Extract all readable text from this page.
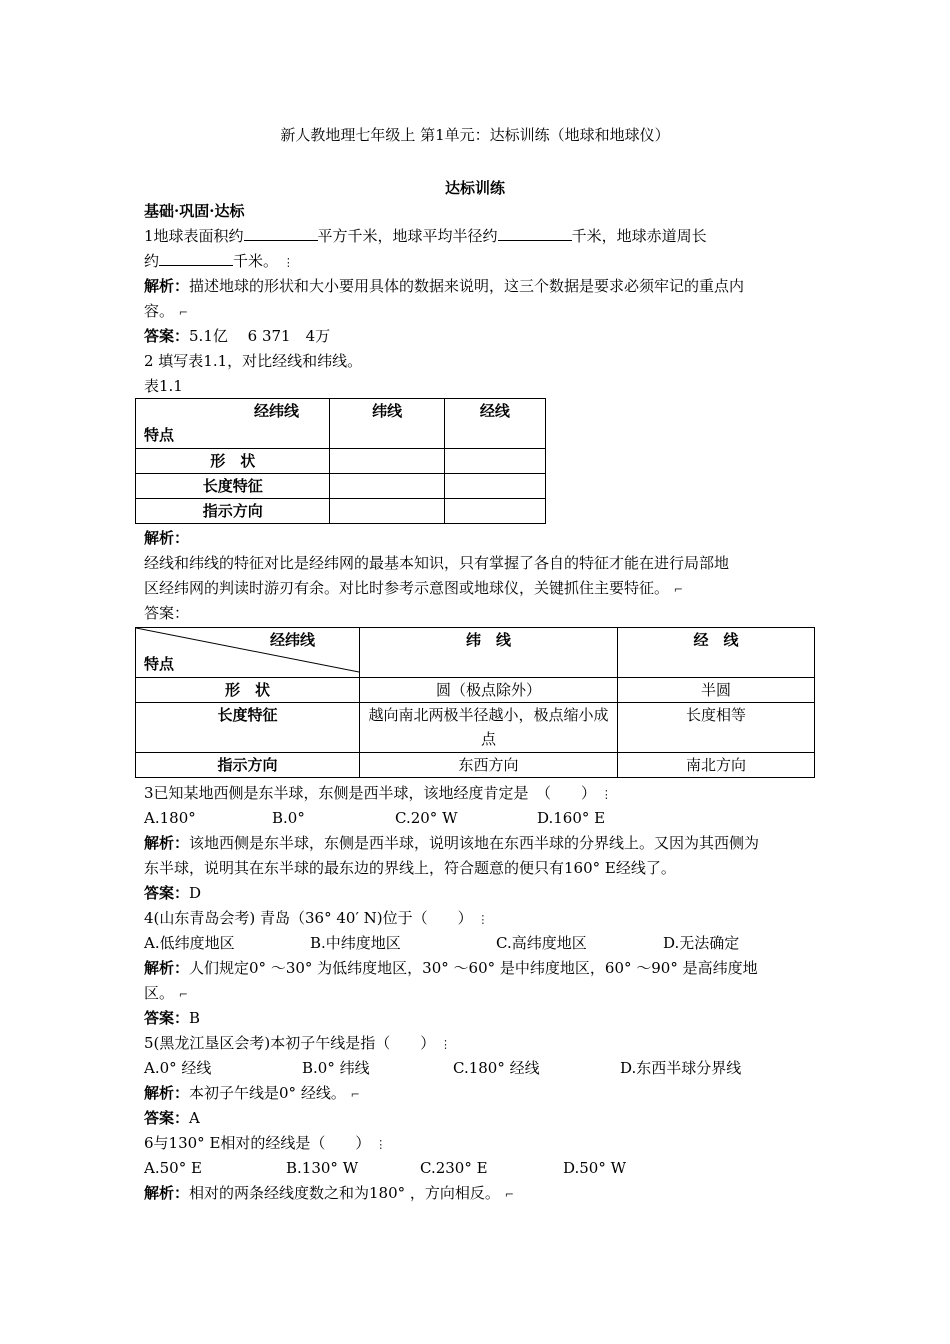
新人教地理七年级上 第1单元：达标训练（地球和地球仪）
达标训练
基础·巩固·达标
1地球表面积约	平方千米，地球平均半径约	千米，地球赤道周长
约	千米。 ⋮
解析：描述地球的形状和大小要用具体的数据来说明，这三个数据是要求必须牢记的重点内
容。 ⌐
答案：5.1亿　 6 371　4万
2 填写表1.1，对比经线和纬线。
表1.1
经纬线
特点	纬线	经线
形　状		
长度特征		
指示方向		
解析：
经线和纬线的特征对比是经纬网的最基本知识，只有掌握了各自的特征才能在进行局部地
区经纬网的判读时游刃有余。对比时参考示意图或地球仪，关键抓住主要特征。 ⌐
答案：
经纬线
特点	纬　线	经　线
形　状	圆（极点除外）	半圆
长度特征	越向南北两极半径越小，极点缩小成点	长度相等
指示方向	东西方向	南北方向
3已知某地西侧是东半球，东侧是西半球，该地经度肯定是　（　　） ⋮
A.180°	B.0°	C.20° W	D.160° E
解析：该地西侧是东半球，东侧是西半球，说明该地在东西半球的分界线上。又因为其西侧为
东半球，说明其在东半球的最东边的界线上，符合题意的便只有160° E经线了。
答案：D
4(山东青岛会考) 青岛（36° 40′ N)位于（　　） ⋮
A.低纬度地区	B.中纬度地区	C.高纬度地区	D.无法确定
解析：人们规定0° ～30° 为低纬度地区，30° ～60° 是中纬度地区，60° ～90° 是高纬度地
区。 ⌐
答案：B
5(黑龙江垦区会考)本初子午线是指（　　） ⋮
A.0° 经线	B.0° 纬线	C.180° 经线	D.东西半球分界线
解析：本初子午线是0° 经线。 ⌐
答案：A
6与130° E相对的经线是（　　） ⋮
A.50° E	B.130° W	C.230° E	D.50° W
解析：相对的两条经线度数之和为180° ，方向相反。 ⌐
